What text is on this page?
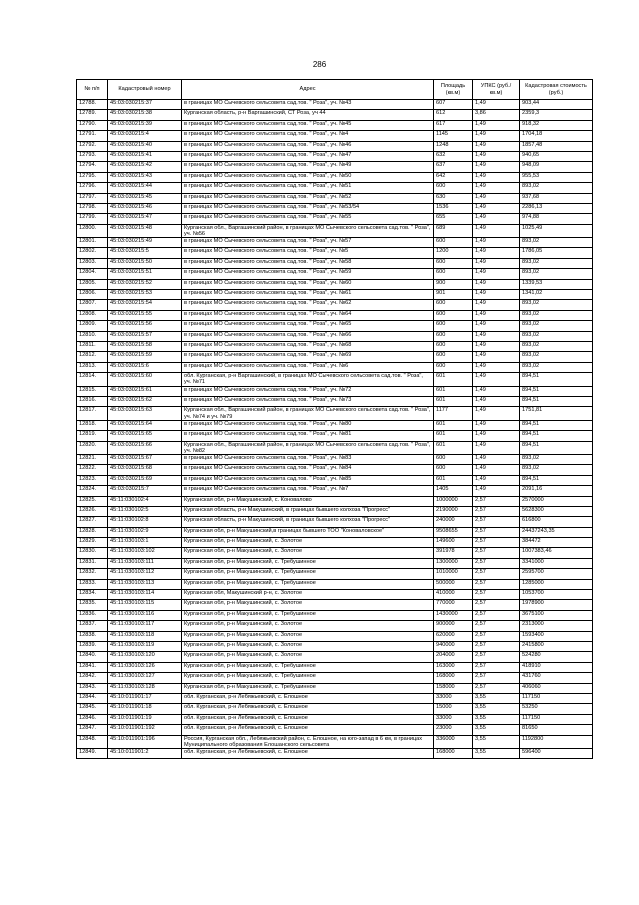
286
№ п/п	Кадастровый номер	Адрес	Площадь (кв.м)	УПКС (руб./кв.м)	Кадастровая стоимость (руб.)
12788.	45:03:030215:37	в границах МО Сычевского сельсовета сад.тов. " Роза", уч. №43	607	1,49	903,44
12789.	45:03:030215:38	Курганская область, р-н Варгашинский, СТ Роза, уч 44	612	3,86	2359,3
12790.	45:03:030215:39	в границах МО Сычевского сельсовета сад.тов. " Роза", уч. №45	617	1,49	918,32
12791.	45:03:030215:4	в границах МО Сычевского сельсовета сад.тов. " Роза", уч. №4	1145	1,49	1704,18
12792.	45:03:030215:40	в границах МО Сычевского сельсовета сад.тов. " Роза", уч. №46	1248	1,49	1857,48
12793.	45:03:030215:41	в границах МО Сычевского сельсовета сад.тов. " Роза", уч. №47	632	1,49	940,65
12794.	45:03:030215:42	в границах МО Сычевского сельсовета сад.тов. " Роза", уч. №49	637	1,49	948,09
12795.	45:03:030215:43	в границах МО Сычевского сельсовета сад.тов. " Роза", уч. №50	642	1,49	955,53
12796.	45:03:030215:44	в границах МО Сычевского сельсовета сад.тов. " Роза", уч. №51	600	1,49	893,02
12797.	45:03:030215:45	в границах МО Сычевского сельсовета сад.тов. " Роза", уч. №52	630	1,49	937,68
12798.	45:03:030215:46	в границах МО Сычевского сельсовета сад.тов. " Роза", уч. №53/54	1536	1,49	2286,13
12799.	45:03:030215:47	в границах МО Сычевского сельсовета сад.тов. " Роза", уч. №55	655	1,49	974,88
12800.	45:03:030215:48	Курганская обл., Варгашинский район, в границах МО Сычевского сельсовета сад.тов. " Роза", уч. №56	689	1,49	1025,49
12801.	45:03:030215:49	в границах МО Сычевского сельсовета сад.тов. " Роза", уч. №57	600	1,49	893,02
12802.	45:03:030215:5	в границах МО Сычевского сельсовета сад.тов. " Роза", уч. №5	1200	1,49	1786,05
12803.	45:03:030215:50	в границах МО Сычевского сельсовета сад.тов. " Роза", уч. №58	600	1,49	893,02
12804.	45:03:030215:51	в границах МО Сычевского сельсовета сад.тов. " Роза", уч. №59	600	1,49	893,02
12805.	45:03:030215:52	в границах МО Сычевского сельсовета сад.тов. " Роза", уч. №60	900	1,49	1339,53
12806.	45:03:030215:53	в границах МО Сычевского сельсовета сад.тов. " Роза", уч. №61	901	1,49	1341,02
12807.	45:03:030215:54	в границах МО Сычевского сельсовета сад.тов. " Роза", уч. №62	600	1,49	893,02
12808.	45:03:030215:55	в границах МО Сычевского сельсовета сад.тов. " Роза", уч. №64	600	1,49	893,02
12809.	45:03:030215:56	в границах МО Сычевского сельсовета сад.тов. " Роза", уч. №65	600	1,49	893,02
12810.	45:03:030215:57	в границах МО Сычевского сельсовета сад.тов. " Роза", уч. №66	600	1,49	893,02
12811.	45:03:030215:58	в границах МО Сычевского сельсовета сад.тов. " Роза", уч. №68	600	1,49	893,02
12812.	45:03:030215:59	в границах МО Сычевского сельсовета сад.тов. " Роза", уч. №69	600	1,49	893,02
12813.	45:03:030215:6	в границах МО Сычевского сельсовета сад.тов. " Роза", уч. №6	600	1,49	893,02
12814.	45:03:030215:60	обл. Курганская, р-н Варгашинский, в границах МО Сычевского сельсовета сад.тов. " Роза", уч. №71	601	1,49	894,51
12815.	45:03:030215:61	в границах МО Сычевского сельсовета сад.тов. " Роза", уч. №72	601	1,49	894,51
12816.	45:03:030215:62	в границах МО Сычевского сельсовета сад.тов. " Роза", уч. №73	601	1,49	894,51
12817.	45:03:030215:63	Курганская обл., Варгашинский район, в границах МО Сычевского сельсовета сад.тов. " Роза", уч. №74 и уч. №79	1177	1,49	1751,81
12818.	45:03:030215:64	в границах МО Сычевского сельсовета сад.тов. " Роза", уч. №80	601	1,49	894,51
12819.	45:03:030215:65	в границах МО Сычевского сельсовета сад.тов. " Роза", уч. №81	601	1,49	894,51
12820.	45:03:030215:66	Курганская обл., Варгашинский район, в границах МО Сычевского сельсовета сад.тов. " Роза", уч. №82	601	1,49	894,51
12821.	45:03:030215:67	в границах МО Сычевского сельсовета сад.тов. " Роза", уч. №83	600	1,49	893,02
12822.	45:03:030215:68	в границах МО Сычевского сельсовета сад.тов. " Роза", уч. №84	600	1,49	893,02
12823.	45:03:030215:69	в границах МО Сычевского сельсовета сад.тов. " Роза", уч. №85	601	1,49	894,51
12824.	45:03:030215:7	в границах МО Сычевского сельсовета сад.тов. " Роза", уч. №7	1405	1,49	2091,16
12825.	45:11:030102:4	Курганская обл, р-н Макушинский, с. Коновалово	1000000	2,57	2570000
12826.	45:11:030102:5	Курганская область, р-н Макушинский, в границах бывшего колхоза "Прогресс"	2190000	2,57	5628300
12827.	45:11:030102:8	Курганская область, р-н Макушинский, в границах бывшего колхоза "Прогресс"	240000	2,57	616800
12828.	45:11:030102:9	Курганская обл, р-н Макушинский,в границах бывшего ТОО "Коноваловское"	9508655	2,57	24437243,35
12829.	45:11:030103:1	Курганская обл, р-н Макушинский, с. Золотое	149600	2,57	384472
12830.	45:11:030103:102	Курганская обл, р-н Макушинский, с. Золотое	391978	2,57	1007383,46
12831.	45:11:030103:111	Курганская обл, р-н Макушинский, с. Требушинное	1300000	2,57	3341000
12832.	45:11:030103:112	Курганская обл, р-н Макушинский, с. Требушинное	1010000	2,57	2595700
12833.	45:11:030103:113	Курганская обл, р-н Макушинский, с. Требушинное	500000	2,57	1285000
12834.	45:11:030103:114	Курганская обл, Макушинский р-н, с. Золотое	410000	2,57	1053700
12835.	45:11:030103:115	Курганская обл, р-н Макушинский, с. Золотое	770000	2,57	1978900
12836.	45:11:030103:116	Курганская обл, р-н Макушинский, с. Требушинное	1430000	2,57	3675100
12837.	45:11:030103:117	Курганская обл, р-н Макушинский, с. Золотое	900000	2,57	2313000
12838.	45:11:030103:118	Курганская обл, р-н Макушинский, с. Золотое	620000	2,57	1593400
12839.	45:11:030103:119	Курганская обл, р-н Макушинский, с. Золотое	940000	2,57	2415800
12840.	45:11:030103:120	Курганская обл, р-н Макушинский, с. Золотое	204000	2,57	524280
12841.	45:11:030103:126	Курганская обл, р-н Макушинский, с. Требушинное	163000	2,57	418910
12842.	45:11:030103:127	Курганская обл, р-н Макушинский, с. Требушинное	168000	2,57	431760
12843.	45:11:030103:128	Курганская обл, р-н Макушинский, с. Требушинное	158000	2,57	406060
12844.	45:10:011901:17	обл. Курганская, р-н Лебяжьевский, с. Елошное	33000	3,55	117150
12845.	45:10:011901:18	обл. Курганская, р-н Лебяжьевский, с. Елошное	15000	3,55	53250
12846.	45:10:011901:19	обл. Курганская, р-н Лебяжьевский, с. Елошное	33000	3,55	117150
12847.	45:10:011901:192	обл. Курганская, р-н Лебяжьевский, с. Елошное	23000	3,55	81650
12848.	45:10:011901:196	Россия, Курганская обл., Лебяжьевский район, с. Елошное, на юго-запад в 6 км, в границах Муниципального образования Елошанского сельсовета	336000	3,55	1192800
12849.	45:10:011901:2	обл. Курганская, р-н Лебяжьевский, с. Елошное	168000	3,55	596400
